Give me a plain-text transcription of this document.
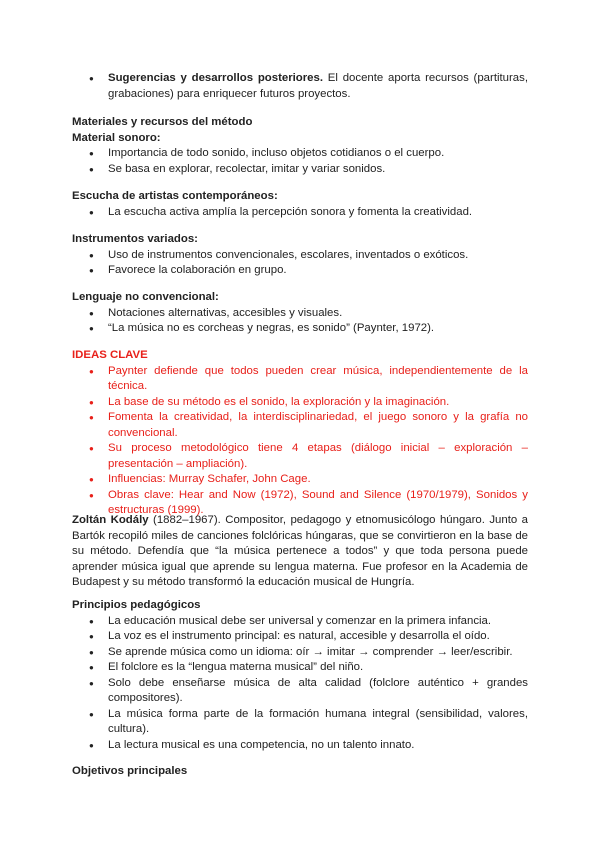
● Sugerencias y desarrollos posteriores. El docente aporta recursos (partituras, grabaciones) para enriquecer futuros proyectos.

Materiales y recursos del método

Material sonoro:

● Importancia de todo sonido, incluso objetos cotidianos o el cuerpo.
● Se basa en explorar, recolectar, imitar y variar sonidos.

Escucha de artistas contemporáneos:

● La escucha activa amplía la percepción sonora y fomenta la creatividad.

Instrumentos variados:

● Uso de instrumentos convencionales, escolares, inventados o exóticos.
● Favorece la colaboración en grupo.

Lenguaje no convencional:

● Notaciones alternativas, accesibles y visuales.
● “La música no es corcheas y negras, es sonido” (Paynter, 1972).

IDEAS CLAVE

● Paynter defiende que todos pueden crear música, independientemente de la técnica.
● La base de su método es el sonido, la exploración y la imaginación.
● Fomenta la creatividad, la interdisciplinariedad, el juego sonoro y la grafía no convencional.
● Su proceso metodológico tiene 4 etapas (diálogo inicial – exploración – presentación – ampliación).
● Influencias: Murray Schafer, John Cage.
● Obras clave: Hear and Now (1972), Sound and Silence (1970/1979), Sonidos y estructuras (1999).

Zoltán Kodály (1882–1967). Compositor, pedagogo y etnomusicólogo húngaro. Junto a Bartók recopiló miles de canciones folclóricas húngaras, que se convirtieron en la base de su método. Defendía que “la música pertenece a todos” y que toda persona puede aprender música igual que aprende su lengua materna. Fue profesor en la Academia de Budapest y su método transformó la educación musical de Hungría.

Principios pedagógicos

● La educación musical debe ser universal y comenzar en la primera infancia.
● La voz es el instrumento principal: es natural, accesible y desarrolla el oído.
● Se aprende música como un idioma: oír → imitar → comprender → leer/escribir.
● El folclore es la “lengua materna musical” del niño.
● Solo debe enseñarse música de alta calidad (folclore auténtico + grandes compositores).
● La música forma parte de la formación humana integral (sensibilidad, valores, cultura).
● La lectura musical es una competencia, no un talento innato.

Objetivos principales
